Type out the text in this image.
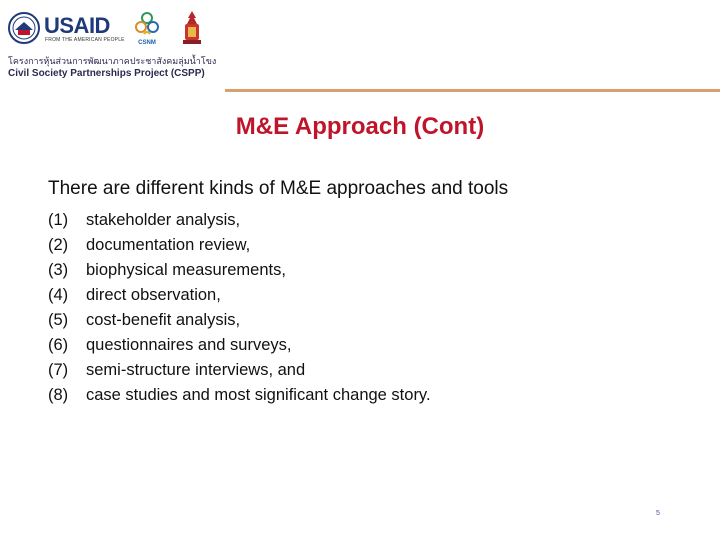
USAID
FROM THE AMERICAN PEOPLE	CSNM
โครงการหุ้นส่วนการพัฒนาภาคประชาสังคมลุ่มน้ำโขง
Civil Society Partnerships Project (CSPP)
M&E Approach (Cont)
There are different kinds of M&E approaches and tools
(1) stakeholder analysis,
(2) documentation review,
(3) biophysical measurements,
(4) direct observation,
(5) cost-benefit analysis,
(6) questionnaires and surveys,
(7) semi-structure interviews, and
(8) case studies and most significant change story.
5
